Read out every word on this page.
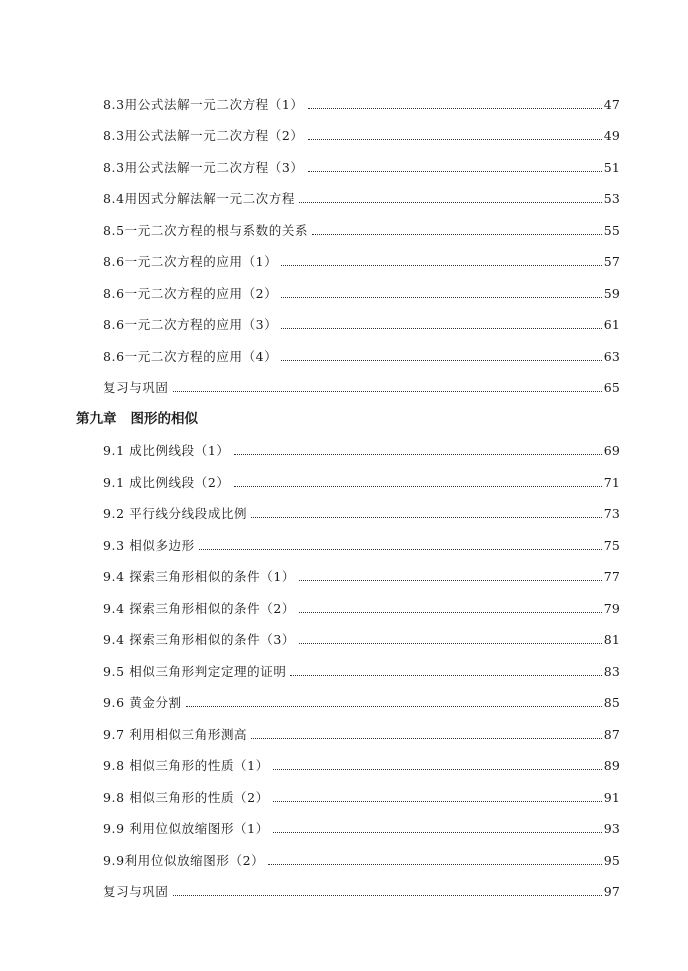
8.3用公式法解一元二次方程（1）	47
8.3用公式法解一元二次方程（2）	49
8.3用公式法解一元二次方程（3）	51
8.4用因式分解法解一元二次方程	53
8.5一元二次方程的根与系数的关系	55
8.6一元二次方程的应用（1）	57
8.6一元二次方程的应用（2）	59
8.6一元二次方程的应用（3）	61
8.6一元二次方程的应用（4）	63
复习与巩固	65
第九章 图形的相似
9.1 成比例线段（1）	69
9.1 成比例线段（2）	71
9.2 平行线分线段成比例	73
9.3 相似多边形	75
9.4 探索三角形相似的条件（1）	77
9.4 探索三角形相似的条件（2）	79
9.4 探索三角形相似的条件（3）	81
9.5 相似三角形判定定理的证明	83
9.6 黄金分割	85
9.7 利用相似三角形测高	87
9.8 相似三角形的性质（1）	89
9.8 相似三角形的性质（2）	91
9.9 利用位似放缩图形（1）	93
9.9利用位似放缩图形（2）	95
复习与巩固	97
